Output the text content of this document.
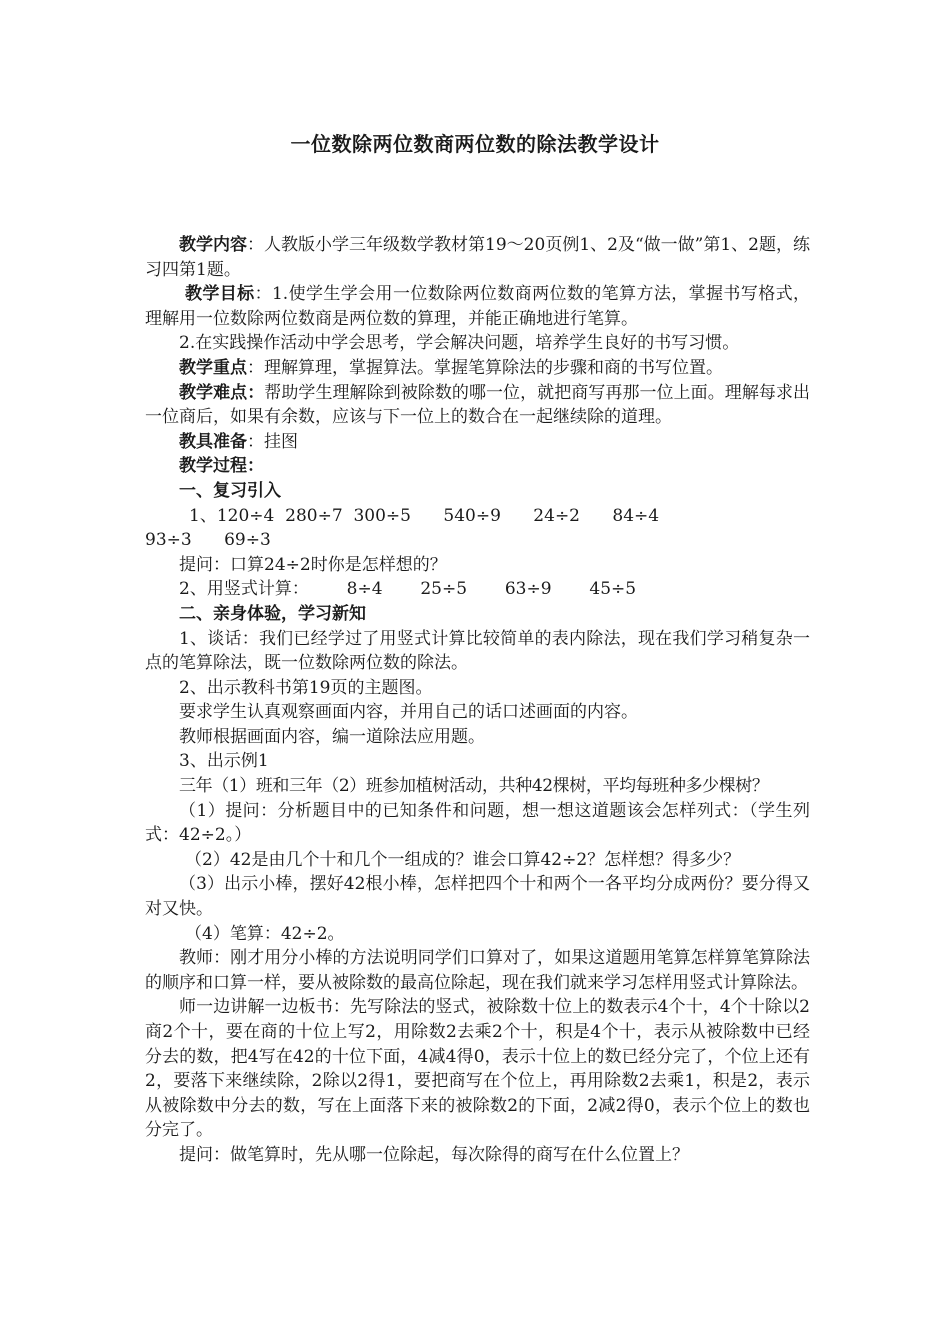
一位数除两位数商两位数的除法教学设计

教学内容：人教版小学三年级数学教材第19～20页例1、2及“做一做”第1、2题，练习四第1题。

教学目标：1.使学生学会用一位数除两位数商两位数的笔算方法，掌握书写格式，理解用一位数除两位数商是两位数的算理，并能正确地进行笔算。

2.在实践操作活动中学会思考，学会解决问题，培养学生良好的书写习惯。

教学重点：理解算理，掌握算法。掌握笔算除法的步骤和商的书写位置。

教学难点：帮助学生理解除到被除数的哪一位，就把商写再那一位上面。理解每求出一位商后，如果有余数，应该与下一位上的数合在一起继续除的道理。

教具准备：挂图

教学过程：

一、复习引入

1、120÷4  280÷7  300÷5      540÷9      24÷2      84÷4

93÷3      69÷3

提问：口算24÷2时你是怎样想的？

2、用竖式计算：       8÷4       25÷5       63÷9       45÷5

二、亲身体验，学习新知

1、谈话：我们已经学过了用竖式计算比较简单的表内除法，现在我们学习稍复杂一点的笔算除法，既一位数除两位数的除法。

2、出示教科书第19页的主题图。

要求学生认真观察画面内容，并用自己的话口述画面的内容。

教师根据画面内容，编一道除法应用题。

3、出示例1

三年（1）班和三年（2）班参加植树活动，共种42棵树，平均每班种多少棵树？

（1）提问：分析题目中的已知条件和问题，想一想这道题该会怎样列式：（学生列式：42÷2。）

（2）42是由几个十和几个一组成的？谁会口算42÷2？怎样想？得多少？

（3）出示小棒，摆好42根小棒，怎样把四个十和两个一各平均分成两份？要分得又对又快。

（4）笔算：42÷2。

教师：刚才用分小棒的方法说明同学们口算对了，如果这道题用笔算怎样算笔算除法的顺序和口算一样，要从被除数的最高位除起，现在我们就来学习怎样用竖式计算除法。

师一边讲解一边板书：先写除法的竖式，被除数十位上的数表示4个十，4个十除以2商2个十，要在商的十位上写2，用除数2去乘2个十，积是4个十，表示从被除数中已经分去的数，把4写在42的十位下面，4减4得0，表示十位上的数已经分完了，个位上还有2，要落下来继续除，2除以2得1，要把商写在个位上，再用除数2去乘1，积是2，表示从被除数中分去的数，写在上面落下来的被除数2的下面，2减2得0，表示个位上的数也分完了。

提问：做笔算时，先从哪一位除起，每次除得的商写在什么位置上？
